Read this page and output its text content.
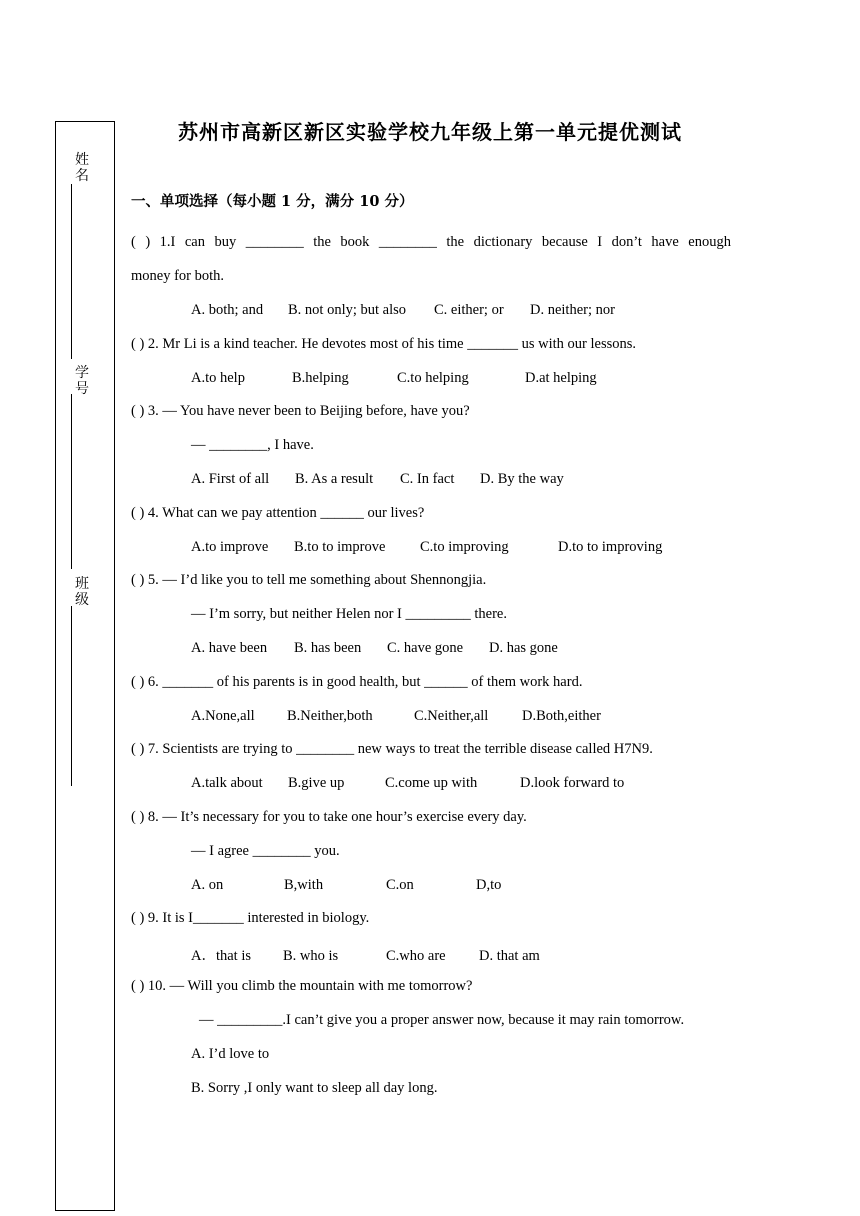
姓名
学号
班级
苏州市高新区新区实验学校九年级上第一单元提优测试
一、单项选择（每小题 1 分，满分 10 分）
( ) 1.I can buy ________ the book ________ the dictionary because I don’t have enough
money for both.
A. both; and B. not only; but also C. either; or D. neither; nor
( ) 2. Mr Li is a kind teacher. He devotes most of his time _______ us with our lessons.
A.to help	B.helping	C.to helping	D.at helping
( ) 3. — You have never been to Beijing before, have you?
— ________, I have.
A. First of all B. As a result C. In fact D. By the way
( ) 4. What can we pay attention ______ our lives?
A.to improve B.to to improve C.to improving	D.to to improving
( ) 5. — I’d like you to tell me something about Shennongjia.
— I’m sorry, but neither Helen nor I _________ there.
A. have been B. has been C. have gone D. has gone
( ) 6. _______ of his parents is in good health, but ______ of them work hard.
A.None,all B.Neither,both	C.Neither,all D.Both,either
( ) 7. Scientists are trying to ________ new ways to treat the terrible disease called H7N9.
A.talk about B.give up	C.come up with	D.look forward to
( ) 8. — It’s necessary for you to take one hour’s exercise every day.
— I agree ________ you.
A. on	B,with	C.on	D,to
( ) 9. It is I_______ interested in biology.
A．that is B. who is	C.who are D. that am
( ) 10. — Will you climb the mountain with me tomorrow?
— _________.I can’t give you a proper answer now, because it may rain tomorrow.
A. I’d love to
B. Sorry ,I only want to sleep all day long.
